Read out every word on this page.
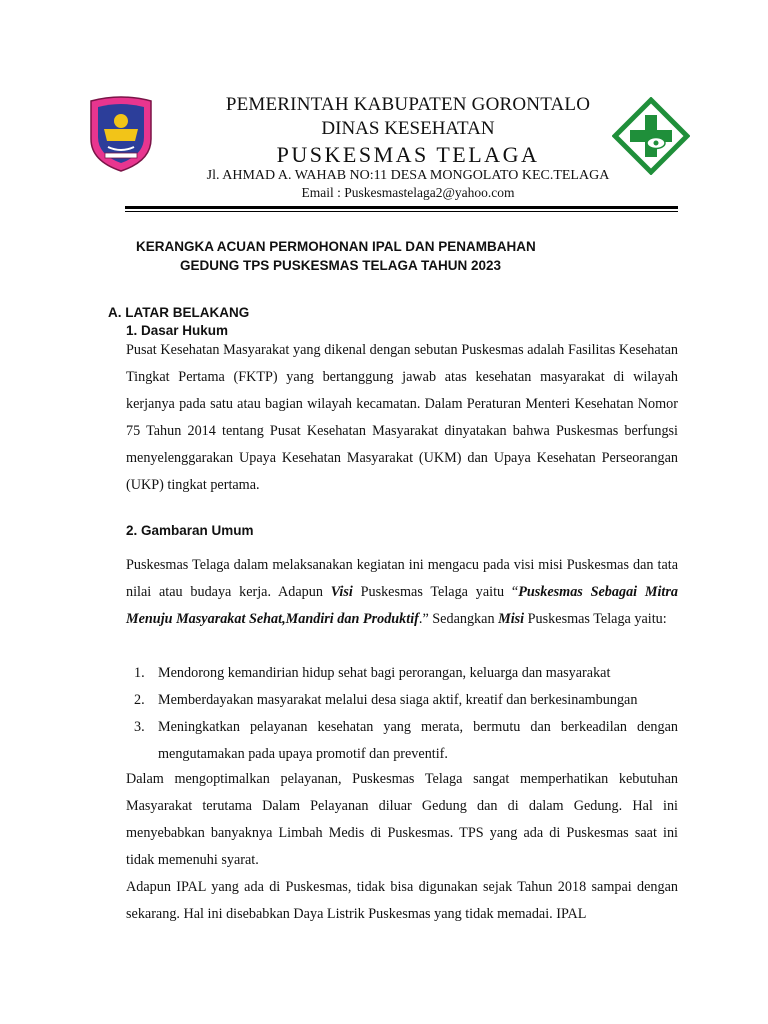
PEMERINTAH KABUPATEN GORONTALO
DINAS KESEHATAN
PUSKESMAS TELAGA
Jl. AHMAD A. WAHAB NO:11 DESA MONGOLATO KEC.TELAGA
Email : Puskesmastelaga2@yahoo.com
KERANGKA ACUAN PERMOHONAN IPAL DAN PENAMBAHAN
GEDUNG TPS PUSKESMAS TELAGA TAHUN 2023
A. LATAR BELAKANG
1. Dasar Hukum
Pusat Kesehatan Masyarakat yang dikenal dengan sebutan Puskesmas adalah Fasilitas Kesehatan Tingkat Pertama (FKTP) yang bertanggung jawab atas kesehatan masyarakat di wilayah kerjanya pada satu atau bagian wilayah kecamatan. Dalam Peraturan Menteri Kesehatan Nomor 75 Tahun 2014 tentang Pusat Kesehatan Masyarakat dinyatakan bahwa Puskesmas berfungsi menyelenggarakan Upaya Kesehatan Masyarakat (UKM) dan Upaya Kesehatan Perseorangan (UKP) tingkat pertama.
2. Gambaran Umum
Puskesmas Telaga dalam melaksanakan kegiatan ini mengacu pada visi misi Puskesmas dan tata nilai atau budaya kerja. Adapun Visi Puskesmas Telaga yaitu “Puskesmas Sebagai Mitra Menuju Masyarakat Sehat,Mandiri dan Produktif.” Sedangkan Misi Puskesmas Telaga yaitu:
1. Mendorong kemandirian hidup sehat bagi perorangan, keluarga dan masyarakat
2. Memberdayakan masyarakat melalui desa siaga aktif, kreatif dan berkesinambungan
3. Meningkatkan pelayanan kesehatan yang merata, bermutu dan berkeadilan dengan mengutamakan pada upaya promotif dan preventif.
Dalam mengoptimalkan pelayanan, Puskesmas Telaga sangat memperhatikan kebutuhan Masyarakat terutama Dalam Pelayanan diluar Gedung dan di dalam Gedung. Hal ini menyebabkan banyaknya Limbah Medis di Puskesmas. TPS yang ada di Puskesmas saat ini tidak memenuhi syarat.
Adapun IPAL yang ada di Puskesmas, tidak bisa digunakan sejak Tahun 2018 sampai dengan sekarang. Hal ini disebabkan Daya Listrik Puskesmas yang tidak memadai. IPAL
